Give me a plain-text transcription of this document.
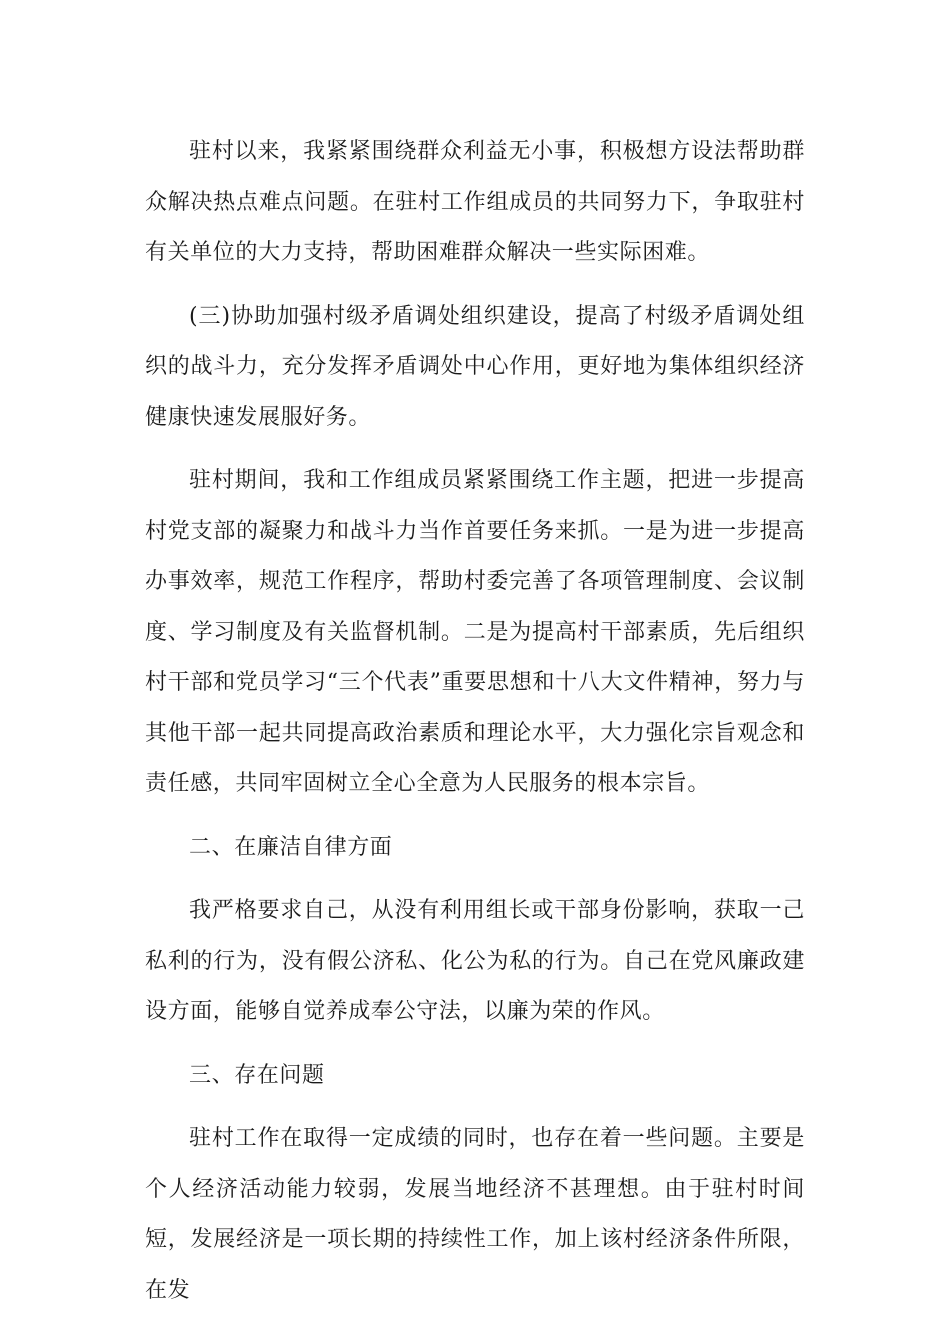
驻村以来，我紧紧围绕群众利益无小事，积极想方设法帮助群众解决热点难点问题。在驻村工作组成员的共同努力下，争取驻村有关单位的大力支持，帮助困难群众解决一些实际困难。

(三)协助加强村级矛盾调处组织建设，提高了村级矛盾调处组织的战斗力，充分发挥矛盾调处中心作用，更好地为集体组织经济健康快速发展服好务。

驻村期间，我和工作组成员紧紧围绕工作主题，把进一步提高村党支部的凝聚力和战斗力当作首要任务来抓。一是为进一步提高办事效率，规范工作程序，帮助村委完善了各项管理制度、会议制度、学习制度及有关监督机制。二是为提高村干部素质，先后组织村干部和党员学习“三个代表”重要思想和十八大文件精神，努力与其他干部一起共同提高政治素质和理论水平，大力强化宗旨观念和责任感，共同牢固树立全心全意为人民服务的根本宗旨。

二、在廉洁自律方面

我严格要求自己，从没有利用组长或干部身份影响，获取一己私利的行为，没有假公济私、化公为私的行为。自己在党风廉政建设方面，能够自觉养成奉公守法，以廉为荣的作风。

三、存在问题

驻村工作在取得一定成绩的同时，也存在着一些问题。主要是个人经济活动能力较弱，发展当地经济不甚理想。由于驻村时间短，发展经济是一项长期的持续性工作，加上该村经济条件所限，在发
